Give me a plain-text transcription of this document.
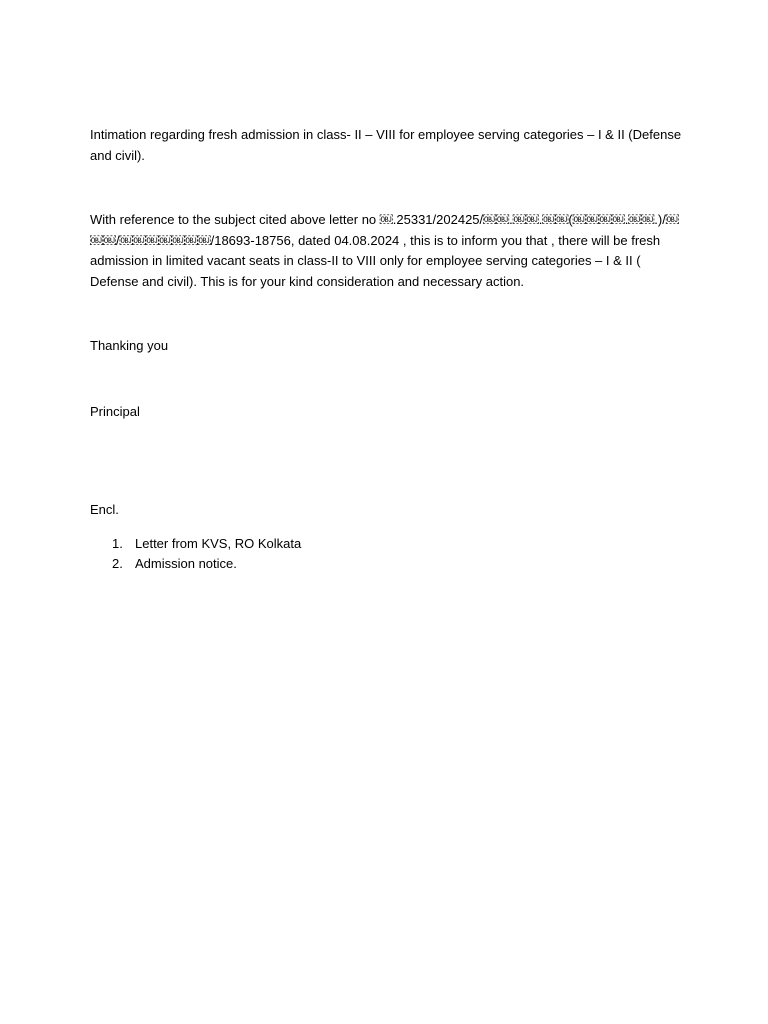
Intimation regarding fresh admission in class- II – VIII for employee serving categories – I & II (Defense and civil).

With reference to the subject cited above letter no ￼.25331/202425/￼￼.￼￼.￼￼(￼￼￼￼.￼￼.)/￼￼￼/￼￼￼￼￼￼￼/18693-18756, dated 04.08.2024 , this is to inform you that , there will be fresh admission in limited vacant seats in class-II to VIII only for employee serving categories – I & II ( Defense and civil). This is for your kind consideration and necessary action.

Thanking you

Principal

Encl.

1. Letter from KVS, RO Kolkata
2. Admission notice.
